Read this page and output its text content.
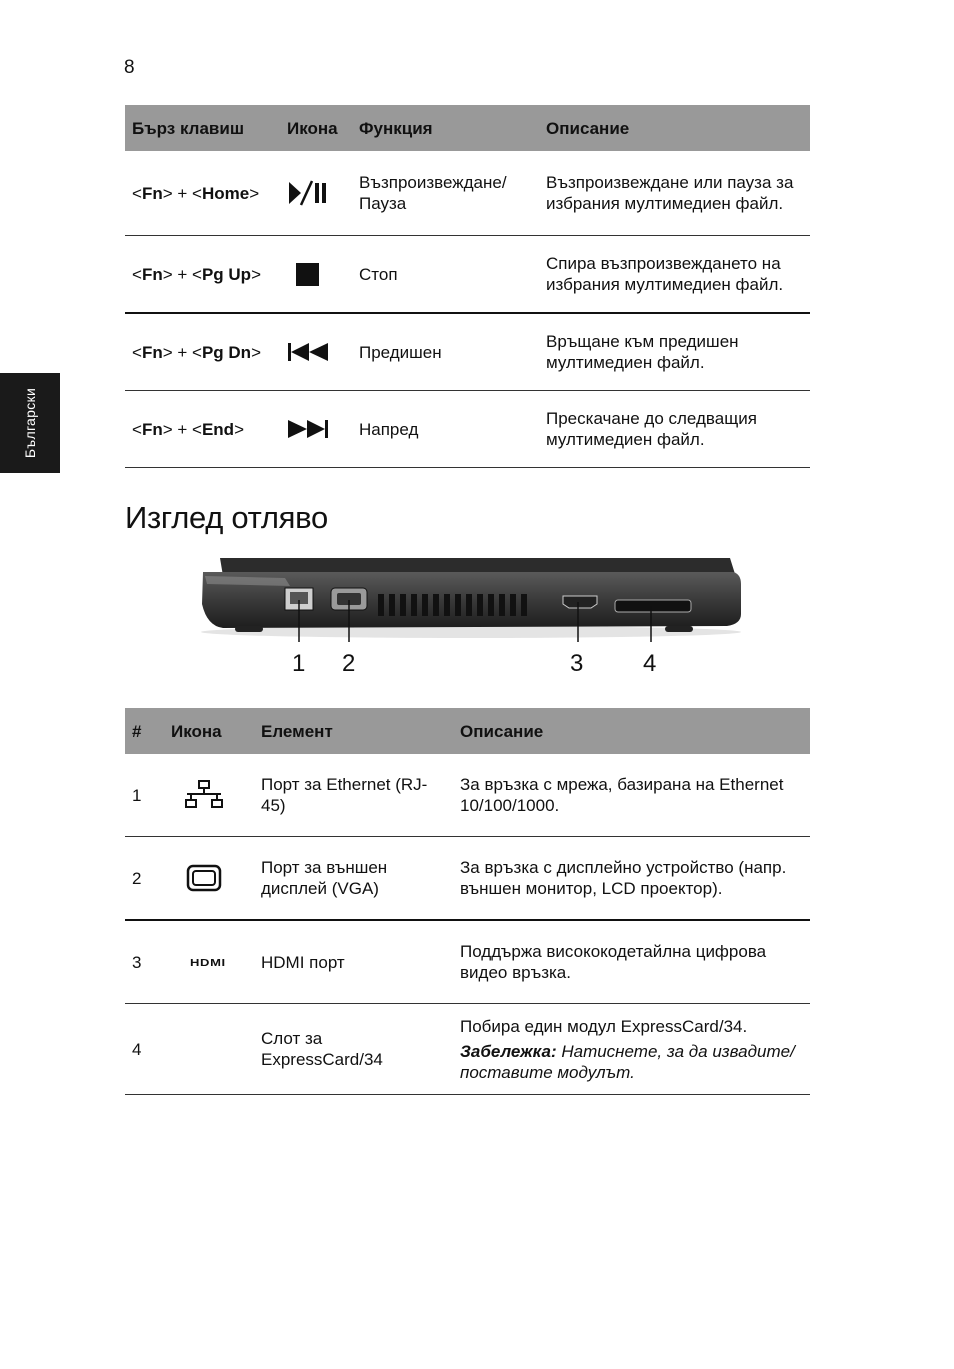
8
Български
Бърз клавиш	Икона	Функция	Описание
<Fn> + <Home>		Възпроизвеждане/ Пауза	Възпроизвеждане или пауза за избрания мултимедиен файл.
<Fn> + <Pg Up>		Стоп	Спира възпроизвеждането на избрания мултимедиен файл.
<Fn> + <Pg Dn>		Предишен	Връщане към предишен мултимедиен файл.
<Fn> + <End>		Напред	Прескачане до следващия мултимедиен файл.
Изглед отляво
1 2	3 4
#	Икона	Елемент	Описание
1		Порт за Ethernet (RJ-45)	За връзка с мрежа, базирана на Ethernet 10/100/1000.
2		Порт за външен дисплей (VGA)	За връзка с дисплейно устройство (напр. външен монитор, LCD проектор).
3	HDMI	HDMI порт	Поддържа висококодетайлна цифрова видео връзка.
4		Слот за ExpressCard/34	Побира един модул ExpressCard/34.
Забележка: Натиснете, за да извадите/поставите модулът.
